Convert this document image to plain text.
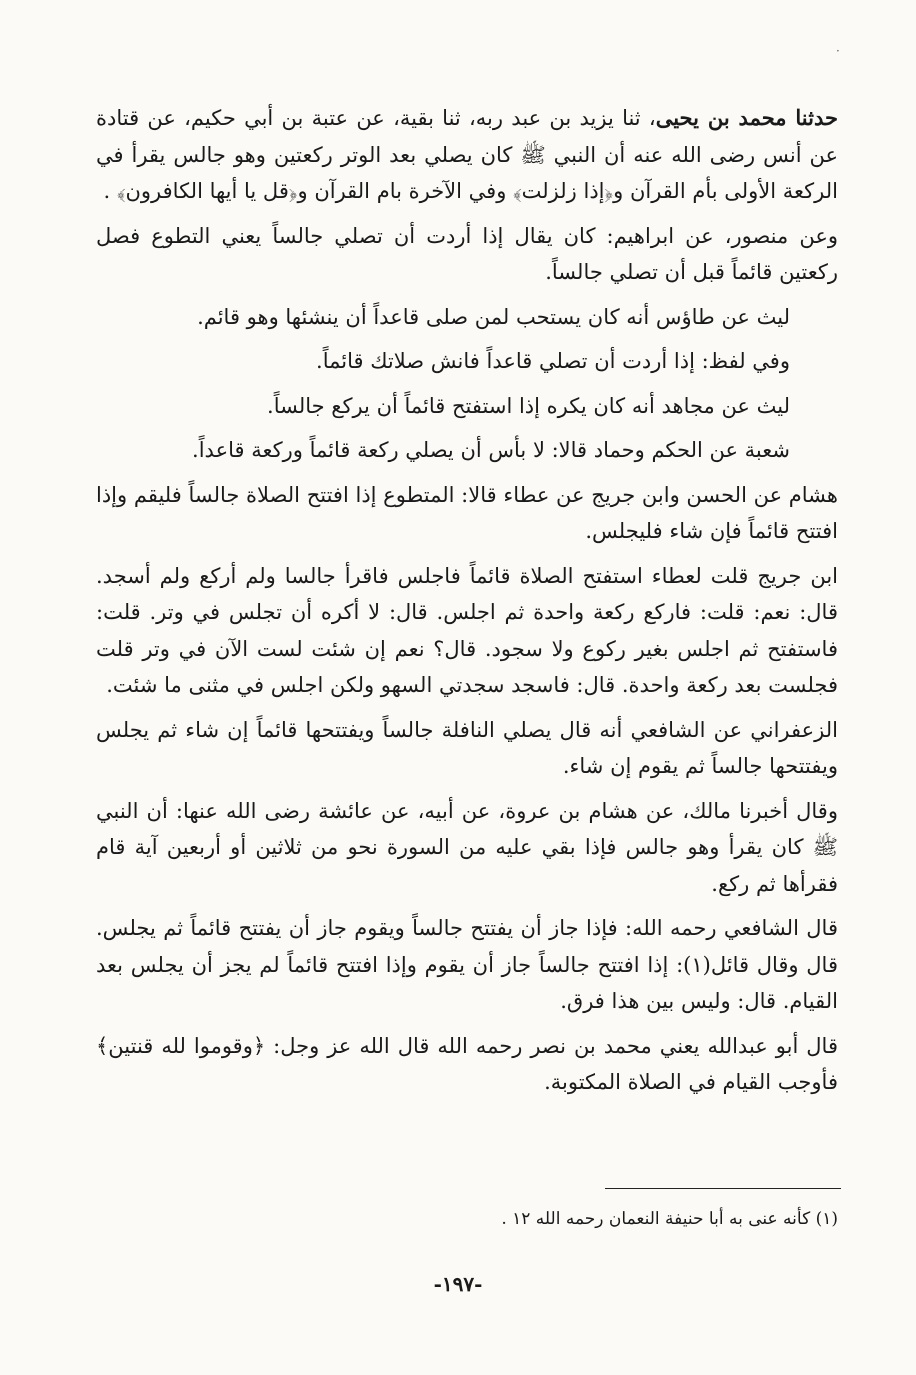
·

حدثنا محمد بن يحيى، ثنا يزيد بن عبد ربه، ثنا بقية، عن عتبة بن أبي حكيم، عن قتادة عن أنس رضى الله عنه أن النبي ﷺ كان يصلي بعد الوتر ركعتين وهو جالس يقرأ في الركعة الأولى بأم القرآن و﴿إذا زلزلت﴾ وفي الآخرة بام القرآن و﴿قل يا أيها الكافرون﴾ .

وعن منصور، عن ابراهيم: كان يقال إذا أردت أن تصلي جالساً يعني التطوع فصل ركعتين قائماً قبل أن تصلي جالساً.

ليث عن طاؤس أنه كان يستحب لمن صلى قاعداً أن ينشئها وهو قائم.

وفي لفظ: إذا أردت أن تصلي قاعداً فانش صلاتك قائماً.

ليث عن مجاهد أنه كان يكره إذا استفتح قائماً أن يركع جالساً.

شعبة عن الحكم وحماد قالا: لا بأس أن يصلي ركعة قائماً وركعة قاعداً.

هشام عن الحسن وابن جريج عن عطاء قالا: المتطوع إذا افتتح الصلاة جالساً فليقم وإذا افتتح قائماً فإن شاء فليجلس.

ابن جريج قلت لعطاء استفتح الصلاة قائماً فاجلس فاقرأ جالسا ولم أركع ولم أسجد. قال: نعم: قلت: فاركع ركعة واحدة ثم اجلس. قال: لا أكره أن تجلس في وتر. قلت: فاستفتح ثم اجلس بغير ركوع ولا سجود. قال؟ نعم إن شئت لست الآن في وتر قلت فجلست بعد ركعة واحدة. قال: فاسجد سجدتي السهو ولكن اجلس في مثنى ما شئت.

الزعفراني عن الشافعي أنه قال يصلي النافلة جالساً ويفتتحها قائماً إن شاء ثم يجلس ويفتتحها جالساً ثم يقوم إن شاء.

وقال أخبرنا مالك، عن هشام بن عروة، عن أبيه، عن عائشة رضى الله عنها: أن النبي ﷺ كان يقرأ وهو جالس فإذا بقي عليه من السورة نحو من ثلاثين أو أربعين آية قام فقرأها ثم ركع.

قال الشافعي رحمه الله: فإذا جاز أن يفتتح جالساً ويقوم جاز أن يفتتح قائماً ثم يجلس. قال وقال قائل(١): إذا افتتح جالساً جاز أن يقوم وإذا افتتح قائماً لم يجز أن يجلس بعد القيام. قال: وليس بين هذا فرق.

قال أبو عبدالله يعني محمد بن نصر رحمه الله قال الله عز وجل: ﴿وقوموا لله قنتين﴾ فأوجب القيام في الصلاة المكتوبة.

(١) كأنه عنى به أبا حنيفة النعمان رحمه الله ١٢ .
-١٩٧-
